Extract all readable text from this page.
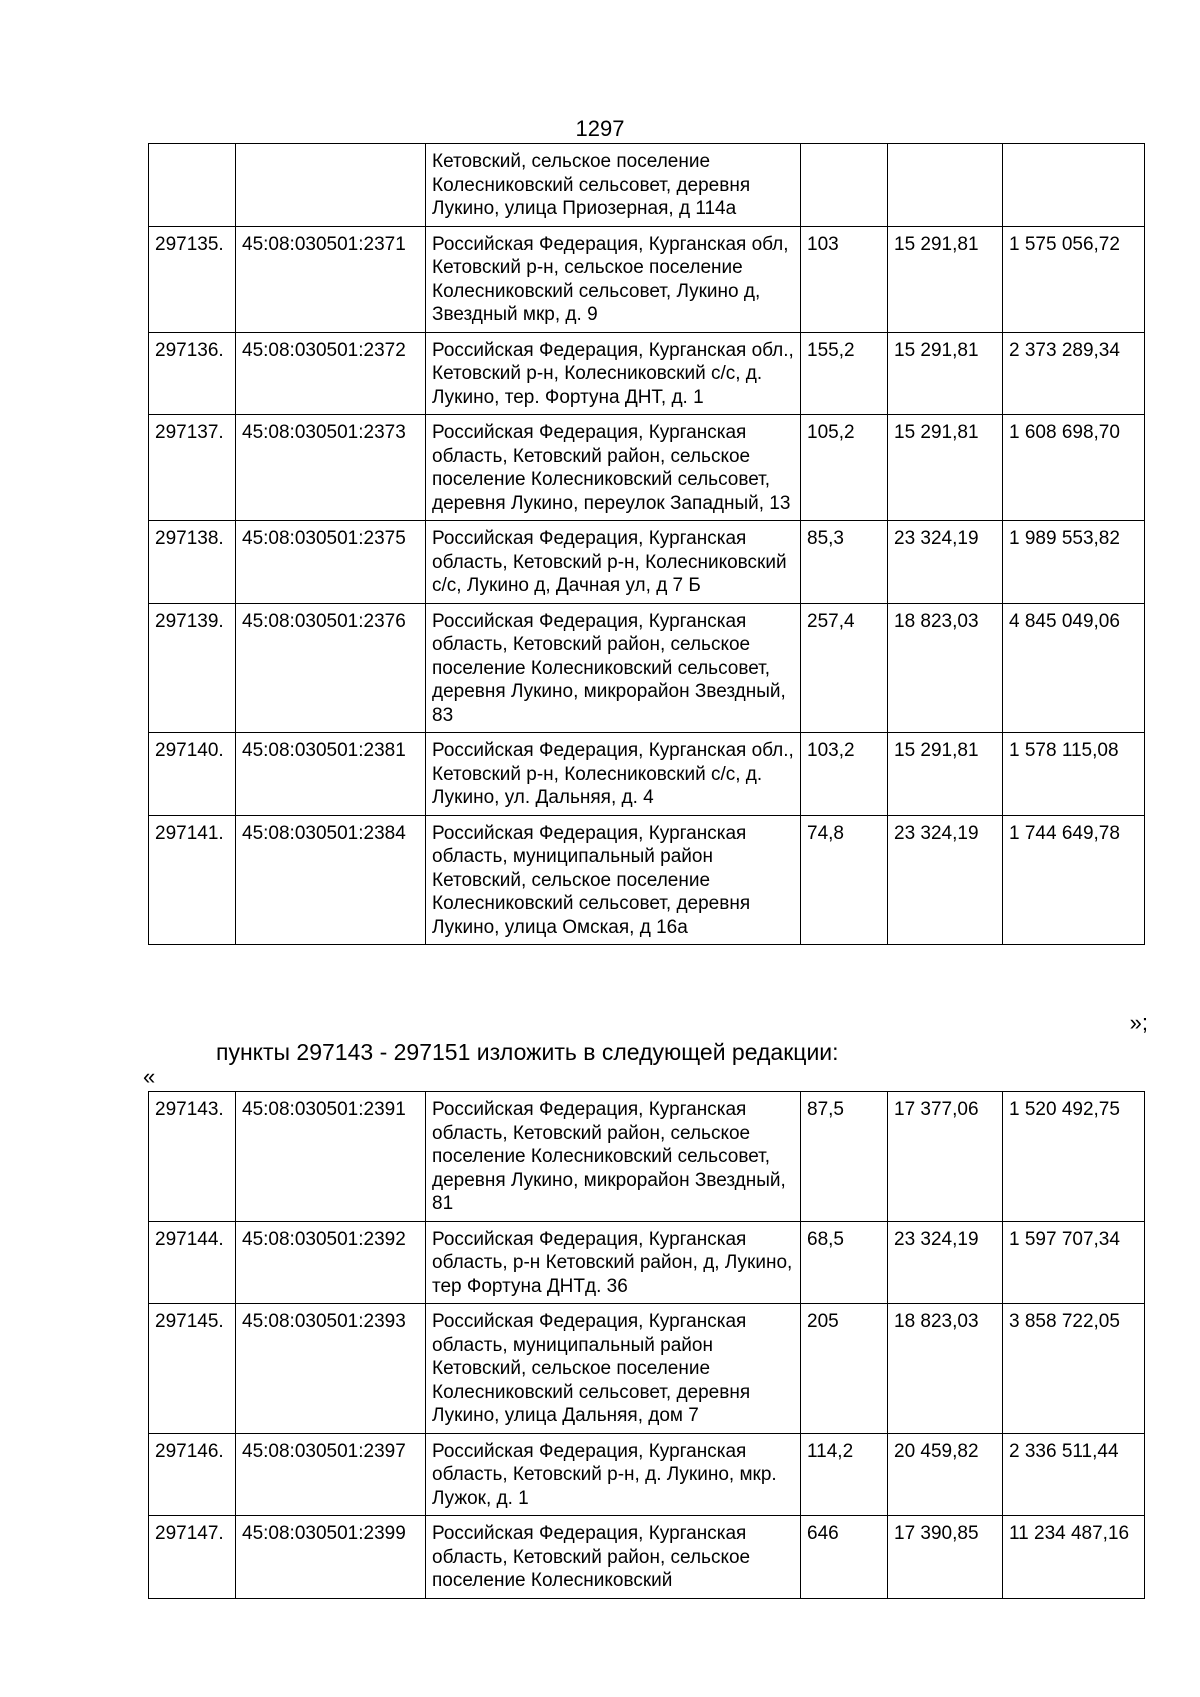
1297
		Кетовский, сельское поселение Колесниковский сельсовет, деревня Лукино, улица Приозерная, д 114а			
297135.	45:08:030501:2371	Российская Федерация, Курганская обл, Кетовский р-н, сельское поселение Колесниковский сельсовет, Лукино д, Звездный мкр, д. 9	103	15 291,81	1 575 056,72
297136.	45:08:030501:2372	Российская Федерация, Курганская обл., Кетовский р-н, Колесниковский с/с, д. Лукино, тер. Фортуна ДНТ, д. 1	155,2	15 291,81	2 373 289,34
297137.	45:08:030501:2373	Российская Федерация, Курганская область, Кетовский район, сельское поселение Колесниковский сельсовет, деревня Лукино, переулок Западный, 13	105,2	15 291,81	1 608 698,70
297138.	45:08:030501:2375	Российская Федерация, Курганская область, Кетовский р-н, Колесниковский с/с, Лукино д, Дачная ул, д 7 Б	85,3	23 324,19	1 989 553,82
297139.	45:08:030501:2376	Российская Федерация, Курганская область, Кетовский район, сельское поселение Колесниковский сельсовет, деревня Лукино, микрорайон Звездный, 83	257,4	18 823,03	4 845 049,06
297140.	45:08:030501:2381	Российская Федерация, Курганская обл., Кетовский р-н, Колесниковский с/с, д. Лукино, ул. Дальняя, д. 4	103,2	15 291,81	1 578 115,08
297141.	45:08:030501:2384	Российская Федерация, Курганская область, муниципальный район Кетовский, сельское поселение Колесниковский сельсовет, деревня Лукино, улица Омская, д 16а	74,8	23 324,19	1 744 649,78
»;
пункты 297143 - 297151 изложить в следующей редакции:
«
297143.	45:08:030501:2391	Российская Федерация, Курганская область, Кетовский район, сельское поселение Колесниковский сельсовет, деревня Лукино, микрорайон Звездный, 81	87,5	17 377,06	1 520 492,75
297144.	45:08:030501:2392	Российская Федерация, Курганская область, р-н Кетовский район, д, Лукино, тер Фортуна ДНТд. 36	68,5	23 324,19	1 597 707,34
297145.	45:08:030501:2393	Российская Федерация, Курганская область, муниципальный район Кетовский, сельское поселение Колесниковский сельсовет, деревня Лукино, улица Дальняя, дом 7	205	18 823,03	3 858 722,05
297146.	45:08:030501:2397	Российская Федерация, Курганская область, Кетовский р-н, д. Лукино, мкр. Лужок, д. 1	114,2	20 459,82	2 336 511,44
297147.	45:08:030501:2399	Российская Федерация, Курганская область, Кетовский район, сельское поселение Колесниковский	646	17 390,85	11 234 487,16
